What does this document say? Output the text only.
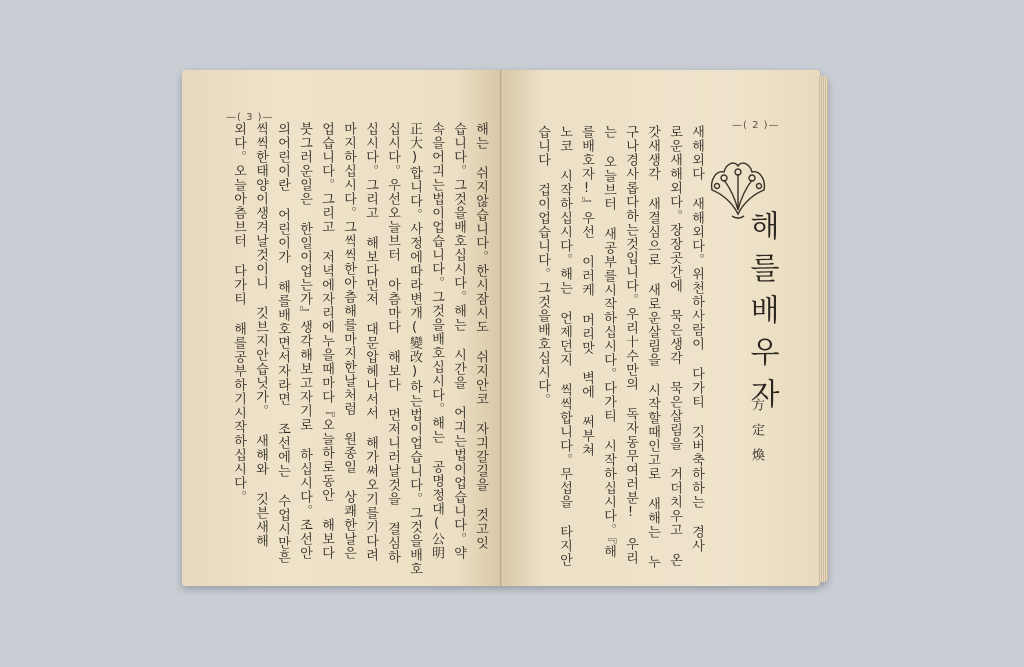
—( 3 )—
해는 쉬지않습니다。한시잠시도 쉬지안코 자긔갈길을 것고잇
습니다。그것을배호십시다。해는 시간을 어긔는법이업습니다。약
속을어긔는법이업습니다。그것을배호십시다。해는 공명정대(公明
正大)합니다。사정에따라변개(變改)하는법이업습니다。그것을배호
십시다。우선오늘브터 아츰마다 해보다 먼저니러날것을 결심하
십시다。그리고 해보다먼저 대문압헤나서서 해가쎠오기를기다려
마지하십시다。그씩씩한아츰해를마지한날처럼 원종일 상쾌한날은
업습니다。그리고 저녁에자리에누을때마다『오늘하로동안 해보다
붓그러운일은 한일이업는가』생각해보고자기로 하십시다。조선안
의어린이란 어린이가 해를배호면서자라면 조선에는 수업시만흔
씩씩한태양이생겨날것이니 깃브지안습닛가。 새해와 깃븐새해
외다。오늘아츰브터 다가티 해를공부하기시작하십시다。	—( 2 )—
해를배우자
方定煥
새해외다 새해외다。위천하사람이 다가티 깃버축하하는 경사
로운새해외다。장장곳간에 묵은생각 묵은살림을 거더치우고 온
갓새생각 새결심으로 새로운살림을 시작할때인고로 새해는 누
구나경사롭다하는것입니다。우리十수만의 독자동무여러분! 우리
는 오늘브터 새공부를시작하십시다。다가티 시작하십시다。『해
를배호자!』우선 이러케 머리맛 벽에 써부쳐
노코 시작하십시다。해는 언제던지 씩씩합니다。무섭을 타지안
습니다 겁이업습니다。그것을배호십시다。
